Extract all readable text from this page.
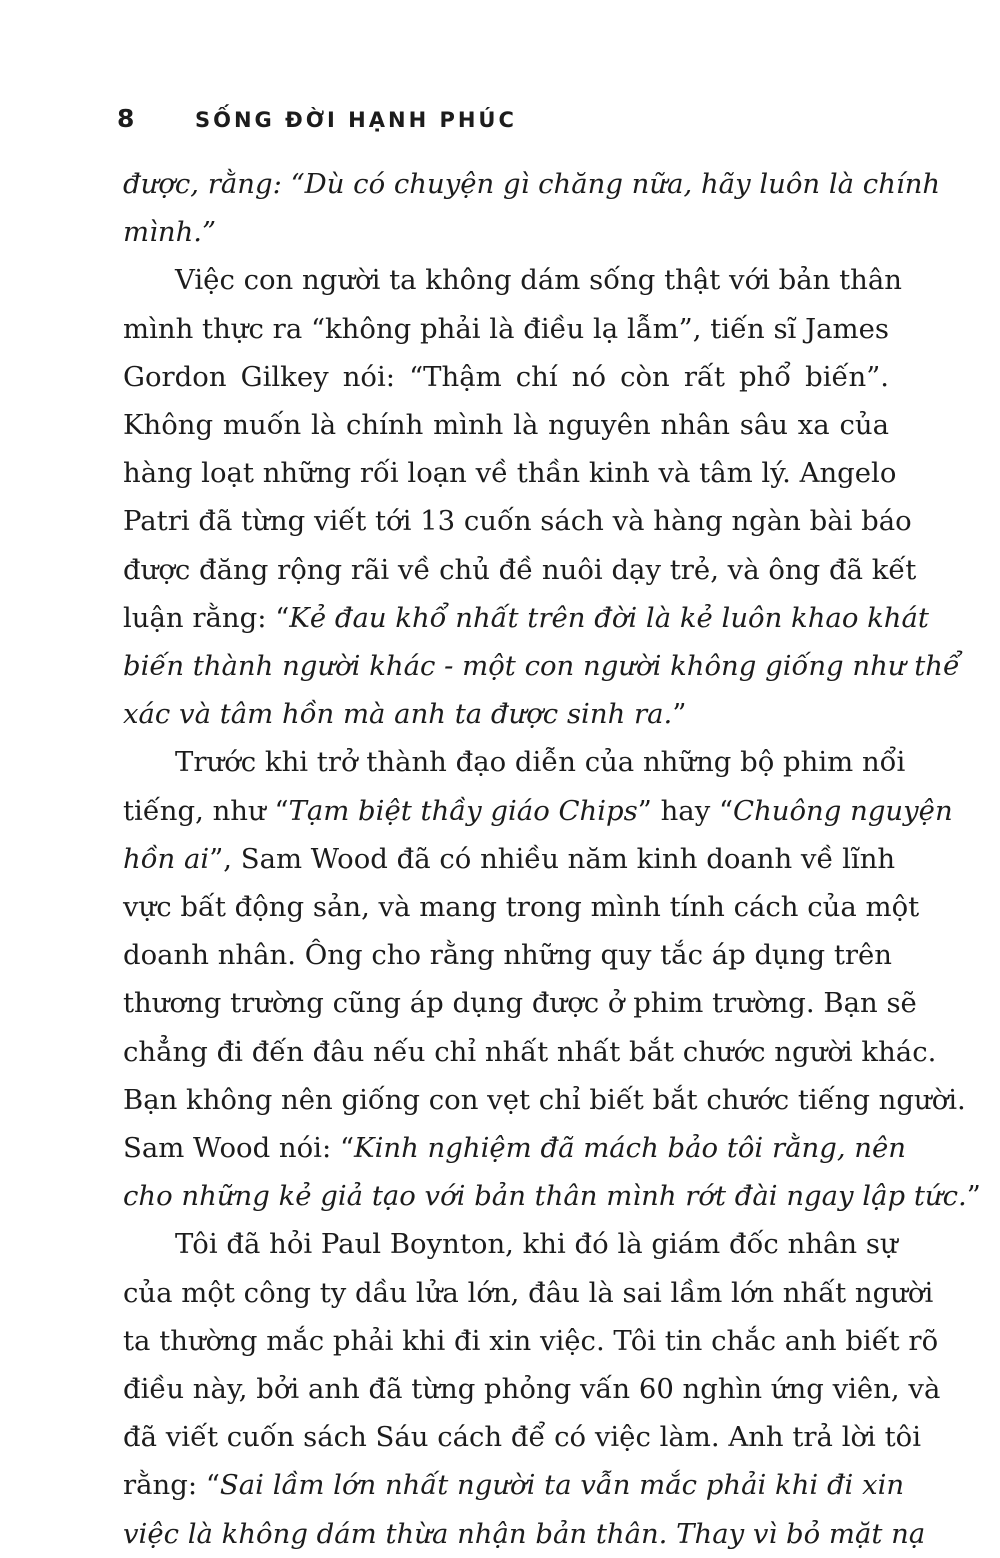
8	SỐNG ĐỜI HẠNH PHÚC
được, rằng: “Dù có chuyện gì chăng nữa, hãy luôn là chính
mình.”
Việc con người ta không dám sống thật với bản thân
mình thực ra “không phải là điều lạ lẫm”, tiến sĩ James
Gordon Gilkey nói: “Thậm chí nó còn rất phổ biến”.
Không muốn là chính mình là nguyên nhân sâu xa của
hàng loạt những rối loạn về thần kinh và tâm lý. Angelo
Patri đã từng viết tới 13 cuốn sách và hàng ngàn bài báo
được đăng rộng rãi về chủ đề nuôi dạy trẻ, và ông đã kết
luận rằng: “Kẻ đau khổ nhất trên đời là kẻ luôn khao khát
biến thành người khác - một con người không giống như thể
xác và tâm hồn mà anh ta được sinh ra.”
Trước khi trở thành đạo diễn của những bộ phim nổi
tiếng, như “Tạm biệt thầy giáo Chips” hay “Chuông nguyện
hồn ai”, Sam Wood đã có nhiều năm kinh doanh về lĩnh
vực bất động sản, và mang trong mình tính cách của một
doanh nhân. Ông cho rằng những quy tắc áp dụng trên
thương trường cũng áp dụng được ở phim trường. Bạn sẽ
chẳng đi đến đâu nếu chỉ nhất nhất bắt chước người khác.
Bạn không nên giống con vẹt chỉ biết bắt chước tiếng người.
Sam Wood nói: “Kinh nghiệm đã mách bảo tôi rằng, nên
cho những kẻ giả tạo với bản thân mình rớt đài ngay lập tức.”
Tôi đã hỏi Paul Boynton, khi đó là giám đốc nhân sự
của một công ty dầu lửa lớn, đâu là sai lầm lớn nhất người
ta thường mắc phải khi đi xin việc. Tôi tin chắc anh biết rõ
điều này, bởi anh đã từng phỏng vấn 60 nghìn ứng viên, và
đã viết cuốn sách Sáu cách để có việc làm. Anh trả lời tôi
rằng: “Sai lầm lớn nhất người ta vẫn mắc phải khi đi xin
việc là không dám thừa nhận bản thân. Thay vì bỏ mặt nạ
